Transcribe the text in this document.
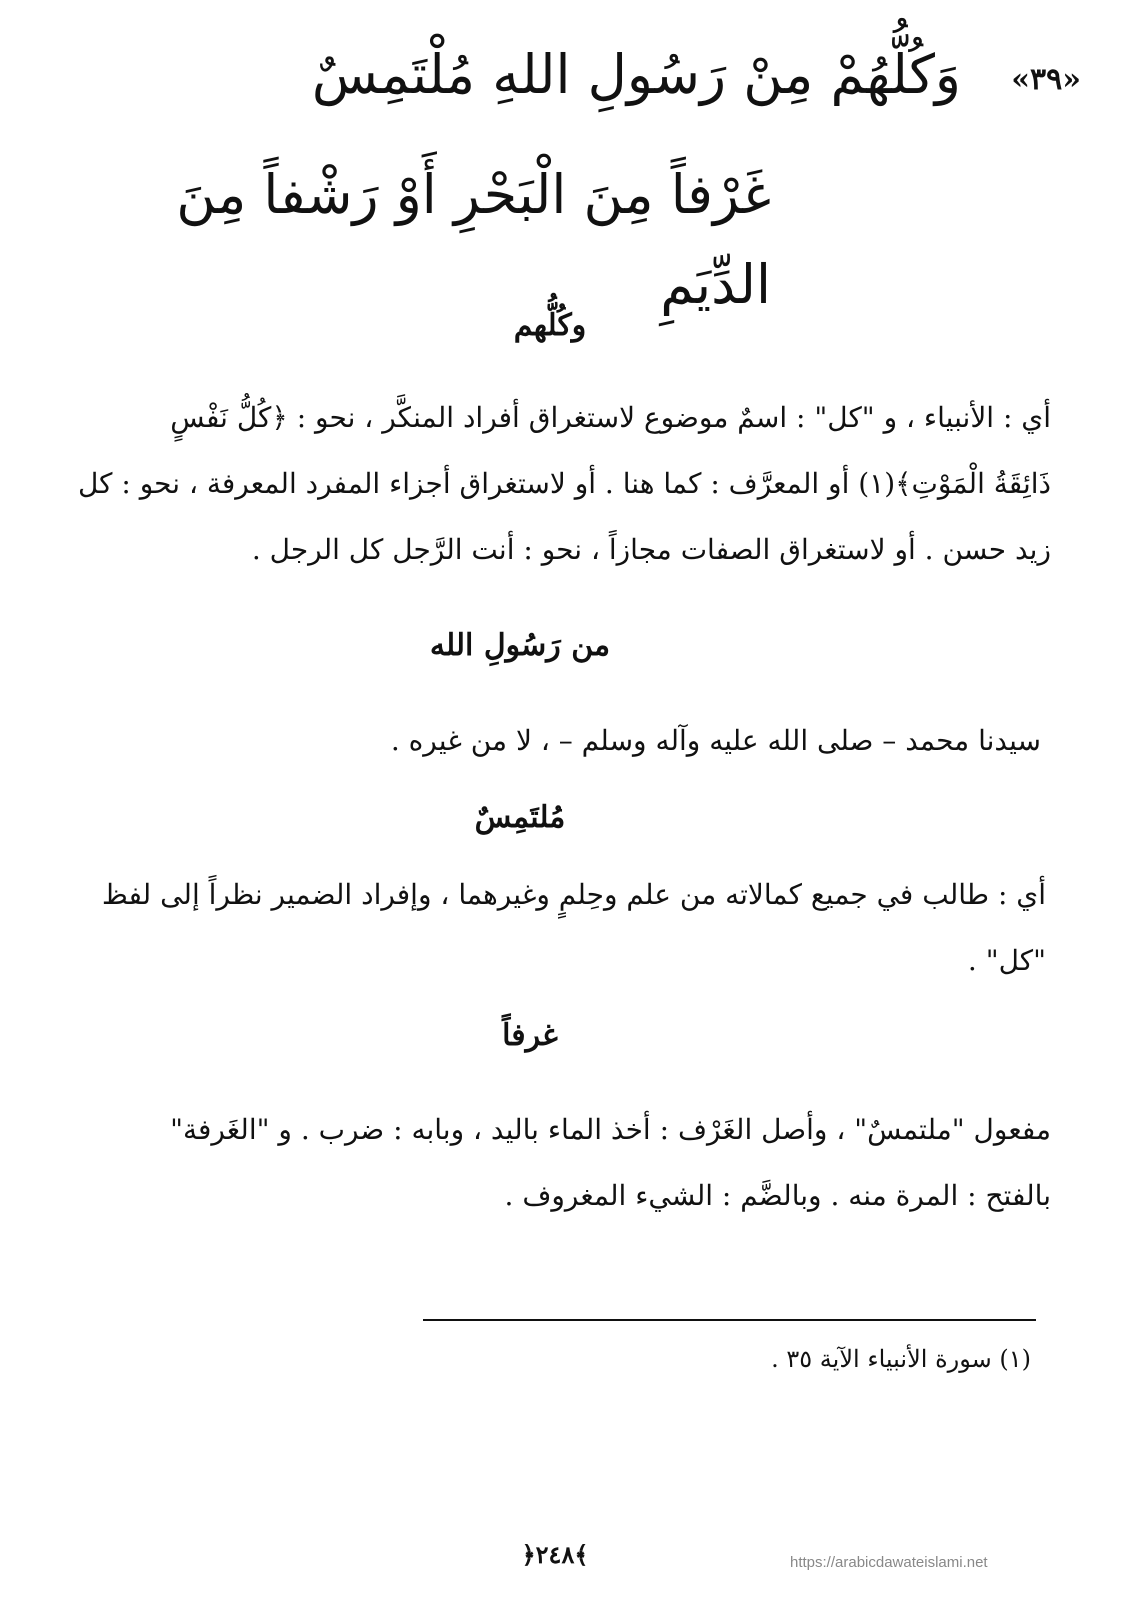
وَكُلُّهُمْ مِنْ رَسُولِ اللهِ مُلْتَمِسٌ «٣٩»
غَرْفاً مِنَ الْبَحْرِ أَوْ رَشْفاً مِنَ الدِّيَمِ
وكُلُّهم
أي : الأنبياء ، و "كل" : اسمٌ موضوع لاستغراق أفراد المنكَّر ، نحو : ﴿كُلُّ نَفْسٍ
ذَائِقَةُ الْمَوْتِ﴾(١) أو المعرَّف : كما هنا . أو لاستغراق أجزاء المفرد المعرفة ، نحو : كل
زيد حسن . أو لاستغراق الصفات مجازاً ، نحو : أنت الرَّجل كل الرجل .
من رَسُولِ الله
سيدنا محمد – صلى الله عليه وآله وسلم – ، لا من غيره .
مُلتَمِسٌ
أي : طالب في جميع كمالاته من علم وحِلمٍ وغيرهما ، وإفراد الضمير نظراً إلى لفظ
"كل" .
غرفاً
مفعول "ملتمسٌ" ، وأصل الغَرْف : أخذ الماء باليد ، وبابه : ضرب . و "الغَرفة"
بالفتح : المرة منه . وبالضَّم : الشيء المغروف .
(١) سورة الأنبياء الآية ٣٥ .
﴿٢٤٨﴾	https://arabicdawateislami.net
